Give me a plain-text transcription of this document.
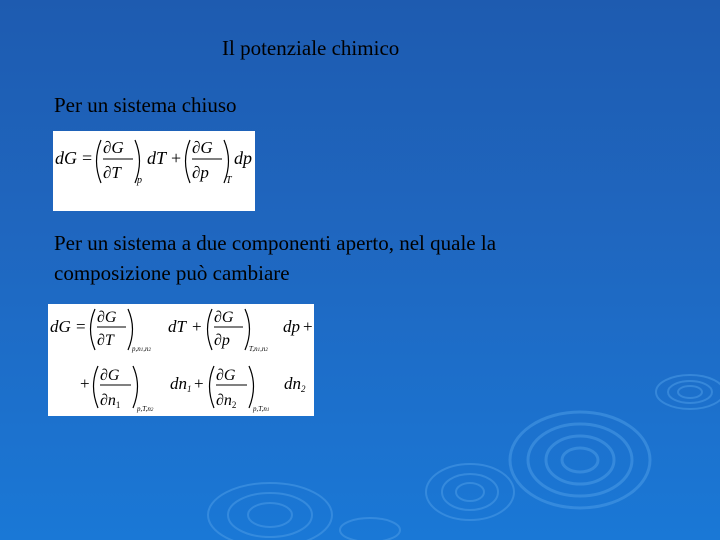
Il potenziale chimico
Per un sistema chiuso
dG =
∂G
∂T p
dT +
∂G
∂p T
dp
Per un sistema a due componenti aperto, nel quale la
composizione può cambiare
dG = ∂G
∂T	p,n1,n2
dT + ∂G
∂p	T,n1,n2
dp +
+ ∂G
∂n1 p,T,n2
dn1 + ∂G
∂n2 p,T,n1
dn2
